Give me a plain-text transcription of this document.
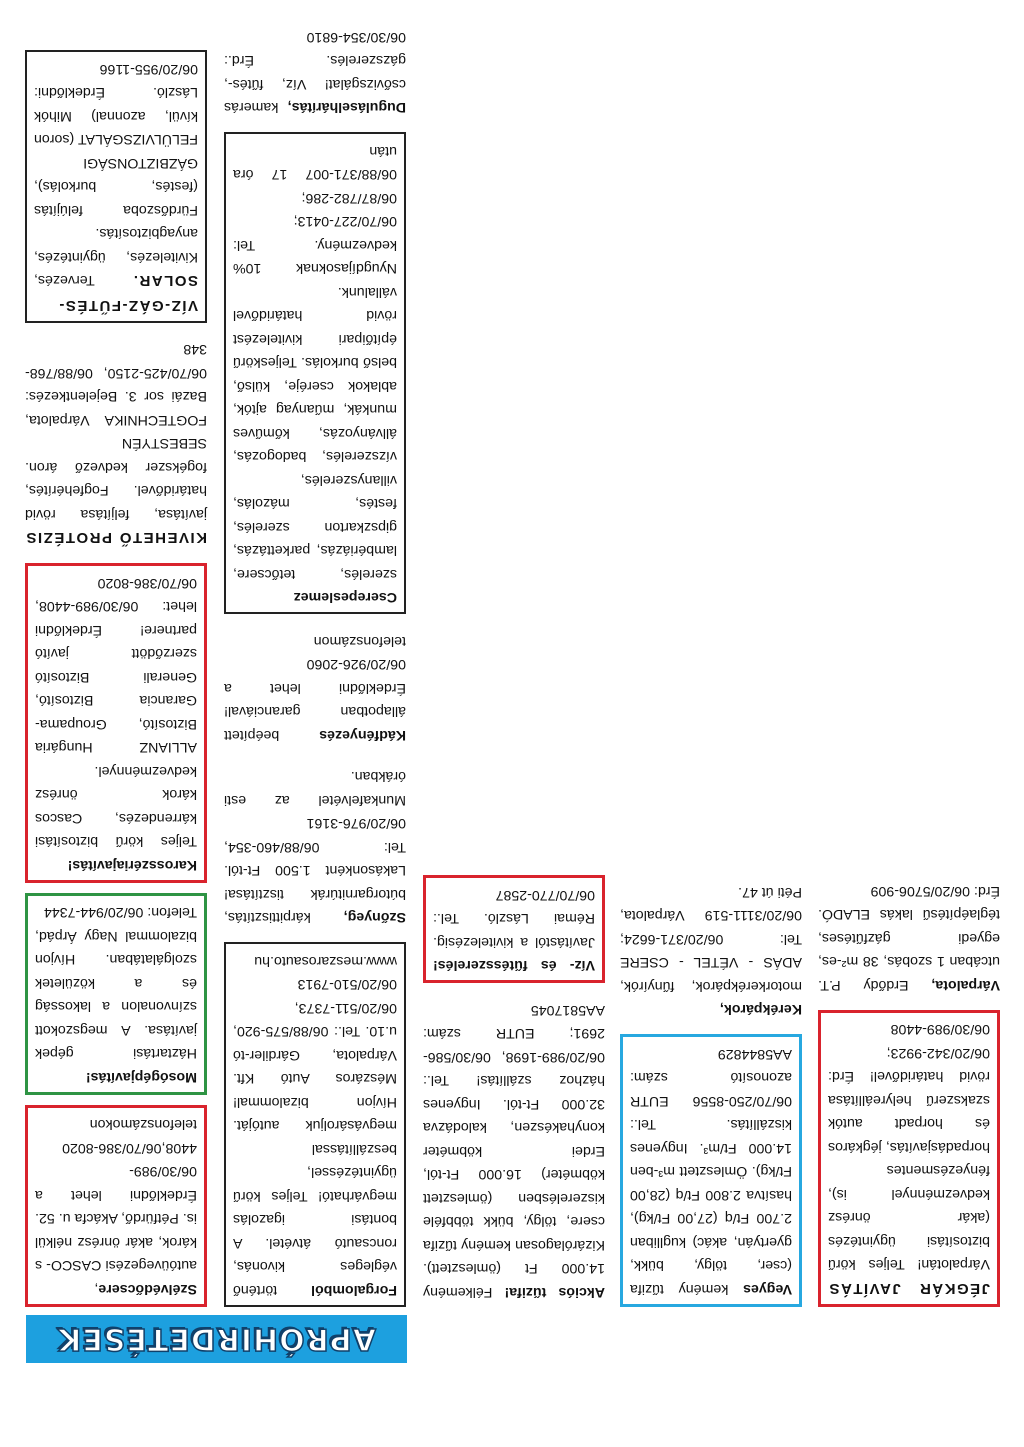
APRÓHIRDETÉSEK
Szélvédőcsere, autóüvegezési CASCO- s károk, akár önrész nélkül is. Pétfürdő, Akácfa u. 52. Érdeklődni lehet a 06/30/989-4408,06/70/386-8020 telefonszámokon
Mosógépjavítás! Háztartási gépek javítása. A megszokott színvonalon a lakosság és a közületek szolgálatában. Hívjon bizalommal Nagy Árpád, Telefon: 06/20/944-7344
Karosszériajavítás! Teljes körű biztosítási kárrendezés, Cascos károk önrész kedvezménnyel. ALLIANZ Hungária Biztosító, Groupama-Garancia Biztosító, Generali Biztosító szerződött javító partnere! Érdeklődni lehet: 06/30/989-4408, 06/70/386-8020
KIVEHETŐ PROTÉZIS javítása, feljítása rövid határidővel. Fogfehérítés, fogékszer kedvező áron. SEBESTYÉN FOGTECHNIKA Várpalota, Bazái sor 3. Bejelentkezés: 06/70/425-2150, 06/88/768-348
VÍZ-GÁZ-FŰTÉS-SOLAR. Tervezés, Kivitelezés, ügyintézés, anyagbiztosítás. Fürdőszoba felújítás (festés, burkolás), GÁZBIZTONSÁGI FELÜLVIZSGÁLAT (soron kívül, azonnal) Mihók László. Érdeklődni: 06/20/955-1166
Forgalomból történő végleges kivonás, roncsautó átvétel. A bontási igazolás megvárható! Teljes körű ügyintézéssel, beszállítással megvásároljuk autóját. Hívjon bizalommal! Mészáros Autó Kft. Várpalota, Gárdiler-tó u.10. Tel.: 06/88/575-920, 06/20/511-7373, 06/20/510-7913 www.meszarosauto.hu
Szőnyeg, kárpittisztítás, bútorgarnitúrák tisztítása! Lakásonként 1.500 Ft-tól. Tel: 06/88/460-354, 06/20/976-3161 Munkafelvétel az esti órákban.
Kádfényezés beépített állapotban garanciával! Érdeklődni lehet a 06/20/926-2060 telefonszámon
Cserepeslemez szerelés, tetőcsere, lambériázás, parkettázás, gipszkarton szerelés, festés, mázolás, villanyszerelés, vízszerelés, badogozás, állványozás, kőműves munkák, műanyag ajtók, ablakok cseréje, külső, belső burkolás. Teljeskörű építőipari kivitelezést rövid határidővel vállalunk. Nyugdíjasoknak 10% kedvezmény. Tel: 06/70/227-0413; 06/87/782-286; 06/88/371-007 17 óra után
Duguláselhárítás, kamerás csővizsgálat! Víz, fűtés-, gázszerelés. Érd.: 06/30/354-6810
Akciós tűzifa! Félkemény 14.000 Ft (ömlesztett). Kizárólagosan kemény tűzifa csere, tölgy, bükk többféle kiszerelésben (ömlesztett köbméter) 16.000 Ft-tól, Erdei köbméter konyhakészen, kalodázva 32.000 Ft-tól. Ingyenes házhoz szállítás! Tel.: 06/20/989-1698, 06/30/586-2691; EUTR szám: AA5817045
Víz- és fűtésszerelés! Javítástól a kivitelezésig. Rémai László. Tel.: 06/70/770-2587
Vegyes kemény tűzifa (cser, tölgy, bükk, gyertyán, akác) kuglliban 2.700 Ft/q (27,00 Ft/kg), hasítva 2.800 Ft/q (28,00 Ft/kg). Ömlesztett m³-ben 14.000 Ft/m³. Ingyenes kiszállítás. Tel.: 06/70/250-8556 EUTR azonosító szám: AA5844829
Kerékpárok, motorkerékpárok, fűnyírók, ADÁS - VÉTEL - CSERE Tel: 06/20/371-6624; 06/20/3111-519 Várpalota, Péti út 47.
JÉGKÁR JAVÍTÁS Várpalotán! Teljes körű biztosítási ügyintézés (akár önrész kedvezménnyel is), fényezésmentes horpadásjavítás, jégkáros és horpadt autók szakszerű helyreállítása rövid határidővel! Érd: 06/20/342-9923; 06/30/989-4408
Várpalota, Erdődy P.T. utcában 1 szobás, 38 m²-es, egyedi gázfűtéses, téglaépítésű lakás ELADÓ. Érd: 06/20/5706-909
